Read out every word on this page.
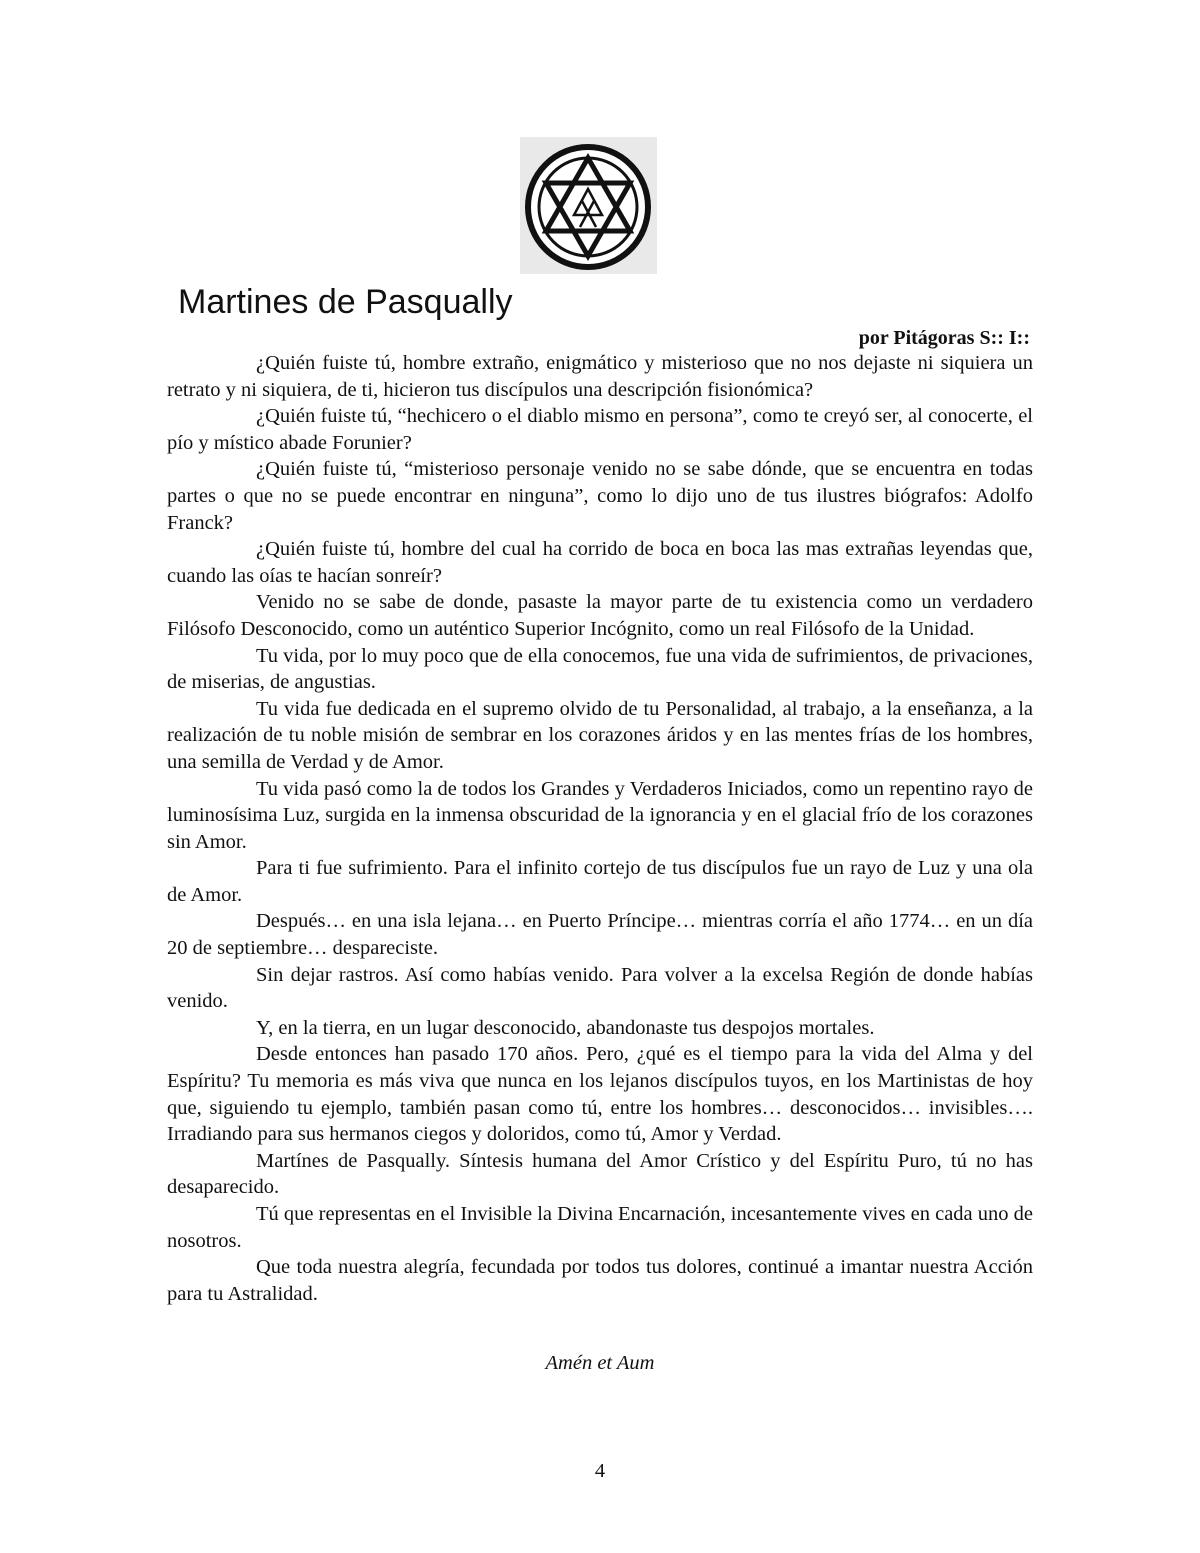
Martines de Pasqually
por Pitágoras S:: I::

¿Quién fuiste tú, hombre extraño, enigmático y misterioso que no nos dejaste ni siquiera un retrato y ni siquiera, de ti, hicieron tus discípulos una descripción fisionómica?

¿Quién fuiste tú, “hechicero o el diablo mismo en persona”, como te creyó ser, al conocerte, el pío y místico abade Forunier?

¿Quién fuiste tú, “misterioso personaje venido no se sabe dónde, que se encuentra en todas partes o que no se puede encontrar en ninguna”, como lo dijo uno de tus ilustres biógrafos: Adolfo Franck?

¿Quién fuiste tú, hombre del cual ha corrido de boca en boca las mas extrañas leyendas que, cuando las oías te hacían sonreír?

Venido no se sabe de donde, pasaste la mayor parte de tu existencia como un verdadero Filósofo Desconocido, como un auténtico Superior Incógnito, como un real Filósofo de la Unidad.

Tu vida, por lo muy poco que de ella conocemos, fue una vida de sufrimientos, de privaciones, de miserias, de angustias.

Tu vida fue dedicada en el supremo olvido de tu Personalidad, al trabajo, a la enseñanza, a la realización de tu noble misión de sembrar en los corazones áridos y en las mentes frías de los hombres, una semilla de Verdad y de Amor.

Tu vida pasó como la de todos los Grandes y Verdaderos Iniciados, como un repentino rayo de luminosísima Luz, surgida en la inmensa obscuridad de la ignorancia y en el glacial frío de los corazones sin Amor.

Para ti fue sufrimiento. Para el infinito cortejo de tus discípulos fue un rayo de Luz y una ola de Amor.

Después… en una isla lejana… en Puerto Príncipe… mientras corría el año 1774… en un día 20 de septiembre… despareciste.

Sin dejar rastros. Así como habías venido. Para volver a la excelsa Región de donde habías venido.

Y, en la tierra, en un lugar desconocido, abandonaste tus despojos mortales.

Desde entonces han pasado 170 años. Pero, ¿qué es el tiempo para la vida del Alma y del Espíritu? Tu memoria es más viva que nunca en los lejanos discípulos tuyos, en los Martinistas de hoy que, siguiendo tu ejemplo, también pasan como tú, entre los hombres… desconocidos… invisibles…. Irradiando para sus hermanos ciegos y doloridos, como tú, Amor y Verdad.

Martínes de Pasqually. Síntesis humana del Amor Crístico y del Espíritu Puro, tú no has desaparecido.

Tú que representas en el Invisible la Divina Encarnación, incesantemente vives en cada uno de nosotros.

Que toda nuestra alegría, fecundada por todos tus dolores, continué a imantar nuestra Acción para tu Astralidad.

Amén et Aum
4
